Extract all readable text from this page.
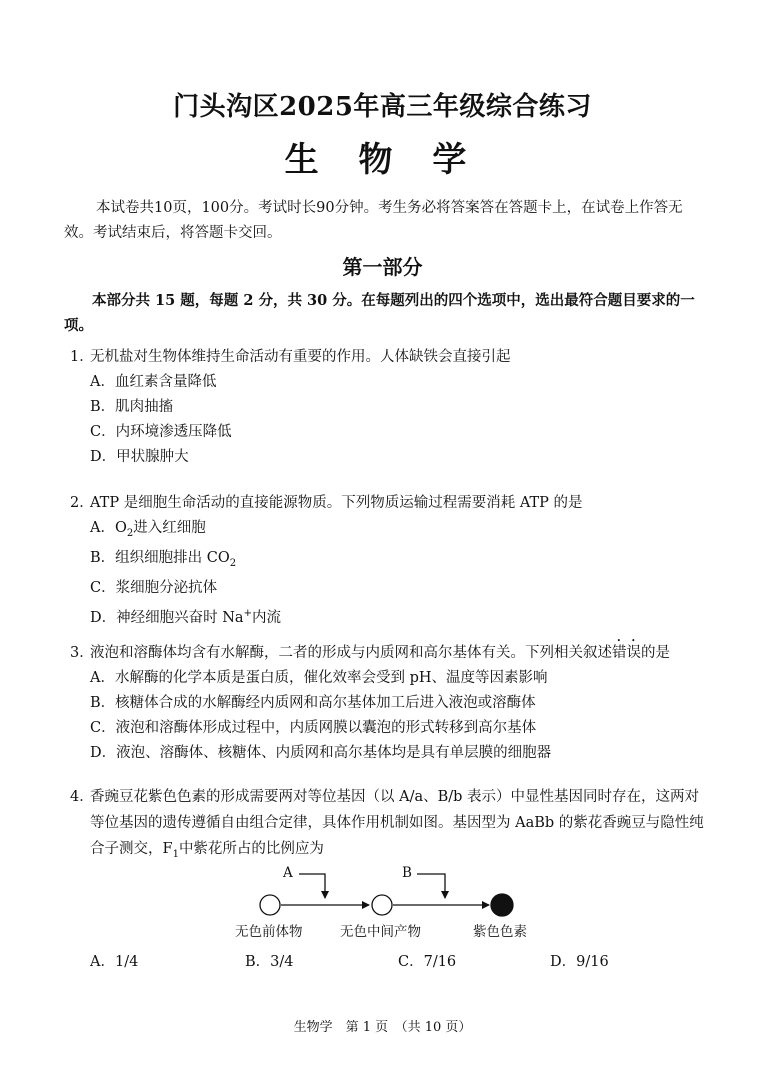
门头沟区2025年高三年级综合练习
生 物 学
本试卷共10页，100分。考试时长90分钟。考生务必将答案答在答题卡上，在试卷上作答无效。考试结束后，将答题卡交回。
第一部分
本部分共 15 题，每题 2 分，共 30 分。在每题列出的四个选项中，选出最符合题目要求的一项。
1．无机盐对生物体维持生命活动有重要的作用。人体缺铁会直接引起
A．血红素含量降低
B．肌肉抽搐
C．内环境渗透压降低
D．甲状腺肿大
2．ATP 是细胞生命活动的直接能源物质。下列物质运输过程需要消耗 ATP 的是
A．$O_2$进入红细胞
B．组织细胞排出 $CO_2$
C．浆细胞分泌抗体
D．神经细胞兴奋时 Na+内流
3．液泡和溶酶体均含有水解酶，二者的形成与内质网和高尔基体有关。下列相关叙述错误的是
A．水解酶的化学本质是蛋白质，催化效率会受到 pH、温度等因素影响
B．核糖体合成的水解酶经内质网和高尔基体加工后进入液泡或溶酶体
C．液泡和溶酶体形成过程中，内质网膜以囊泡的形式转移到高尔基体
D．液泡、溶酶体、核糖体、内质网和高尔基体均是具有单层膜的细胞器
4．香豌豆花紫色色素的形成需要两对等位基因（以 A/a、B/b 表示）中显性基因同时存在，这两对等位基因的遗传遵循自由组合定律，具体作用机制如图。基因型为 AaBb 的紫花香豌豆与隐性纯合子测交，$F_1$中紫花所占的比例应为
A	B
无色前体物	无色中间产物	紫色色素
A．1/4	B．3/4	C．7/16	D．9/16
生物学　第 1 页　（共 10 页）
